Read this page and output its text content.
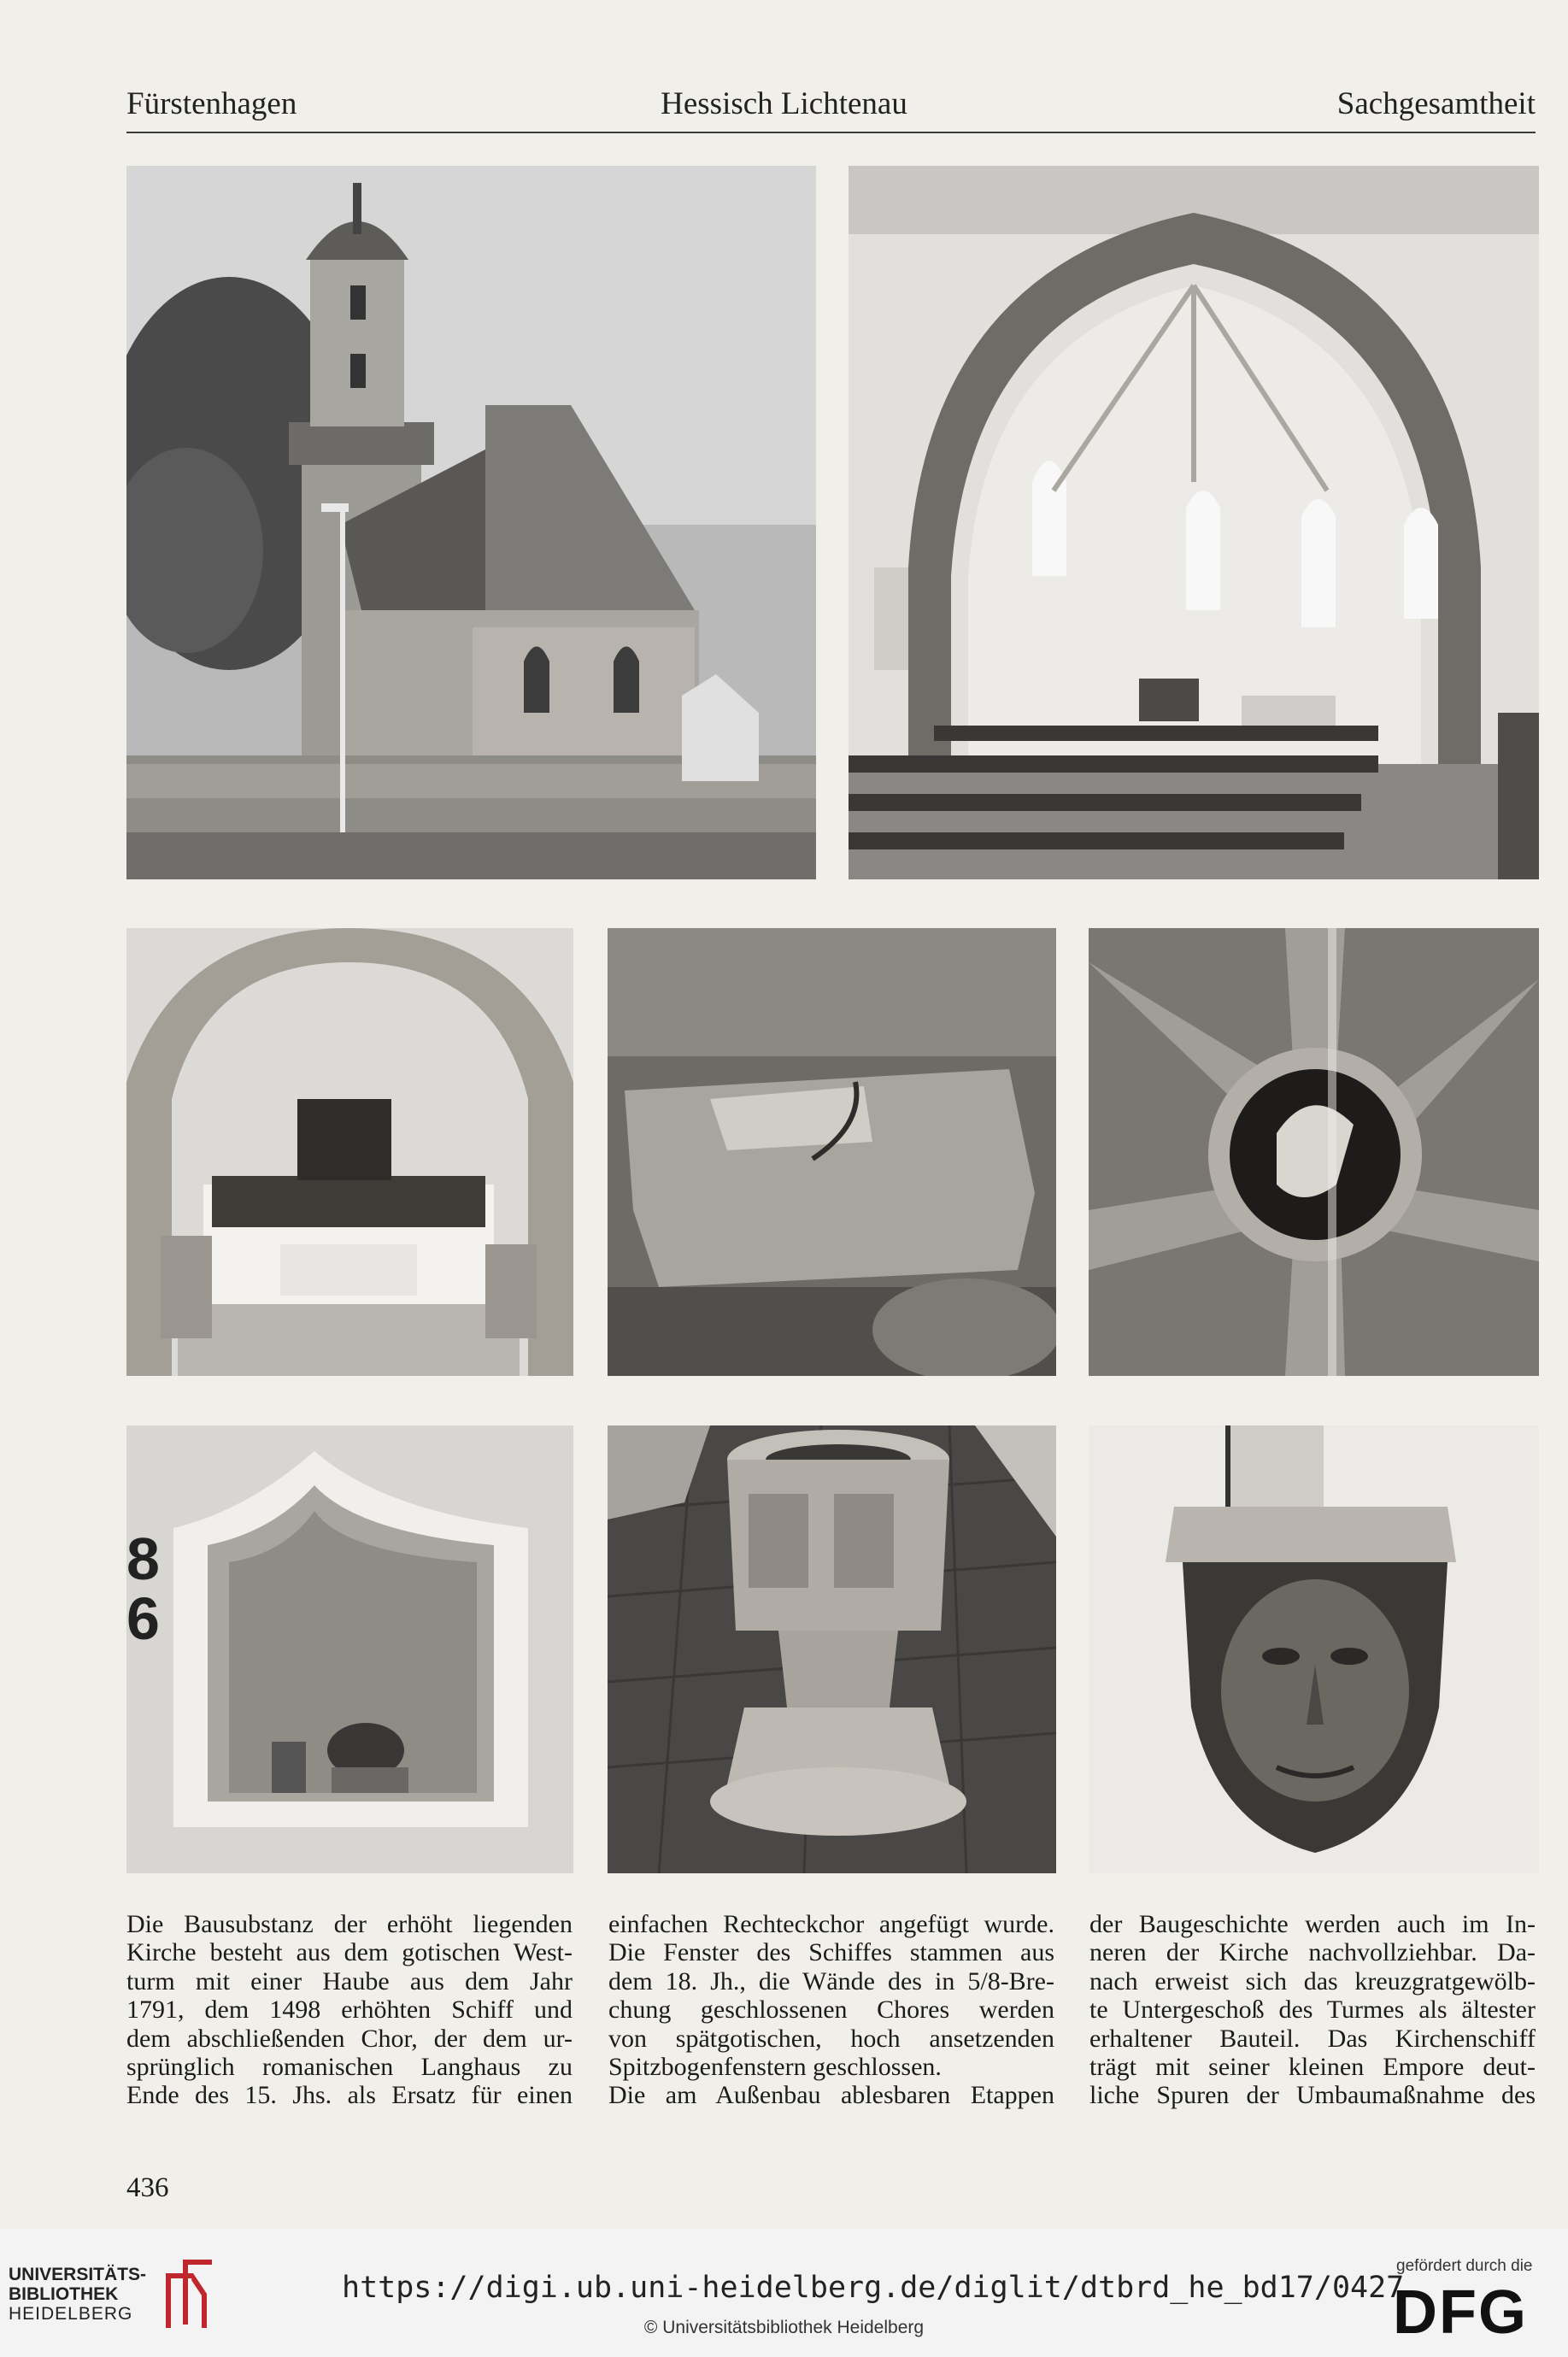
Fürstenhagen	Hessisch Lichtenau	Sachgesamtheit
8
6
Die Bausubstanz der erhöht liegenden
Kirche besteht aus dem gotischen West-
turm mit einer Haube aus dem Jahr
1791, dem 1498 erhöhten Schiff und
dem abschließenden Chor, der dem ur-
sprünglich romanischen Langhaus zu
Ende des 15. Jhs. als Ersatz für einen
einfachen Rechteckchor angefügt wurde.
Die Fenster des Schiffes stammen aus
dem 18. Jh., die Wände des in 5/8-Bre-
chung geschlossenen Chores werden
von spätgotischen, hoch ansetzenden
Spitzbogenfenstern geschlossen.
Die am Außenbau ablesbaren Etappen
der Baugeschichte werden auch im In-
neren der Kirche nachvollziehbar. Da-
nach erweist sich das kreuzgratgewölb-
te Untergeschoß des Turmes als ältester
erhaltener Bauteil. Das Kirchenschiff
trägt mit seiner kleinen Empore deut-
liche Spuren der Umbaumaßnahme des
436
UNIVERSITÄTS-
BIBLIOTHEK
HEIDELBERG
https://digi.ub.uni-heidelberg.de/diglit/dtbrd_he_bd17/0427
© Universitätsbibliothek Heidelberg
gefördert durch die
DFG
